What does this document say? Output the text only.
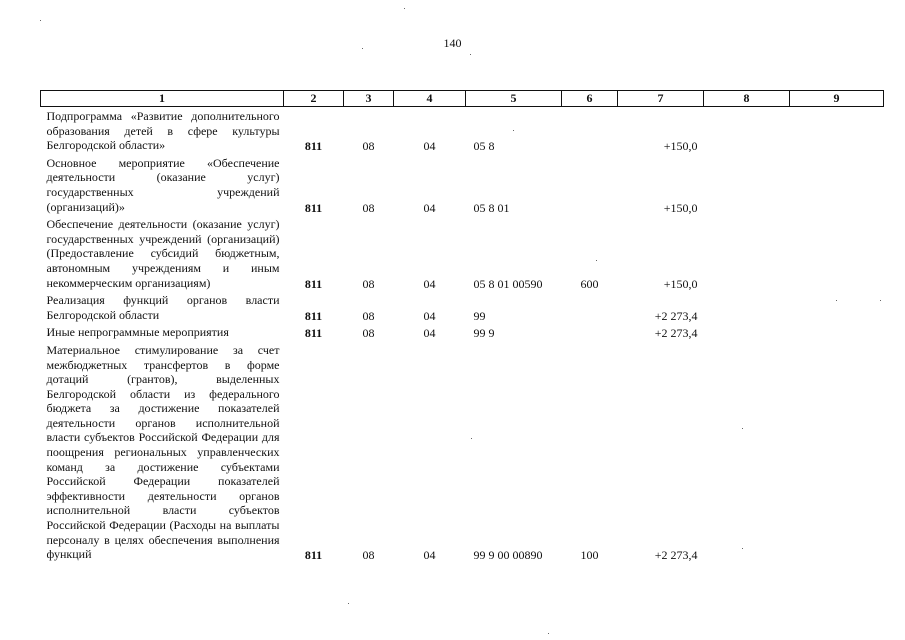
140
1	2	3	4	5	6	7	8	9
Подпрограмма «Развитие дополнительного образования детей в сфере культуры Белгородской области»	811	08	04	05 8		+150,0		
Основное мероприятие «Обеспечение деятельности (оказание услуг) государственных учреждений (организаций)»	811	08	04	05 8 01		+150,0		
Обеспечение деятельности (оказание услуг) государственных учреждений (организаций) (Предоставление субсидий бюджетным, автономным учреждениям и иным некоммерческим организациям)	811	08	04	05 8 01 00590	600	+150,0		
Реализация функций органов власти Белгородской области	811	08	04	99		+2 273,4		
Иные непрограммные мероприятия	811	08	04	99 9		+2 273,4		
Материальное стимулирование за счет межбюджетных трансфертов в форме дотаций (грантов), выделенных Белгородской области из федерального бюджета за достижение показателей деятельности органов исполнительной власти субъектов Российской Федерации для поощрения региональных управленческих команд за достижение субъектами Российской Федерации показателей эффективности деятельности органов исполнительной власти субъектов Российской Федерации (Расходы на выплаты персоналу в целях обеспечения выполнения функций	811	08	04	99 9 00 00890	100	+2 273,4		
